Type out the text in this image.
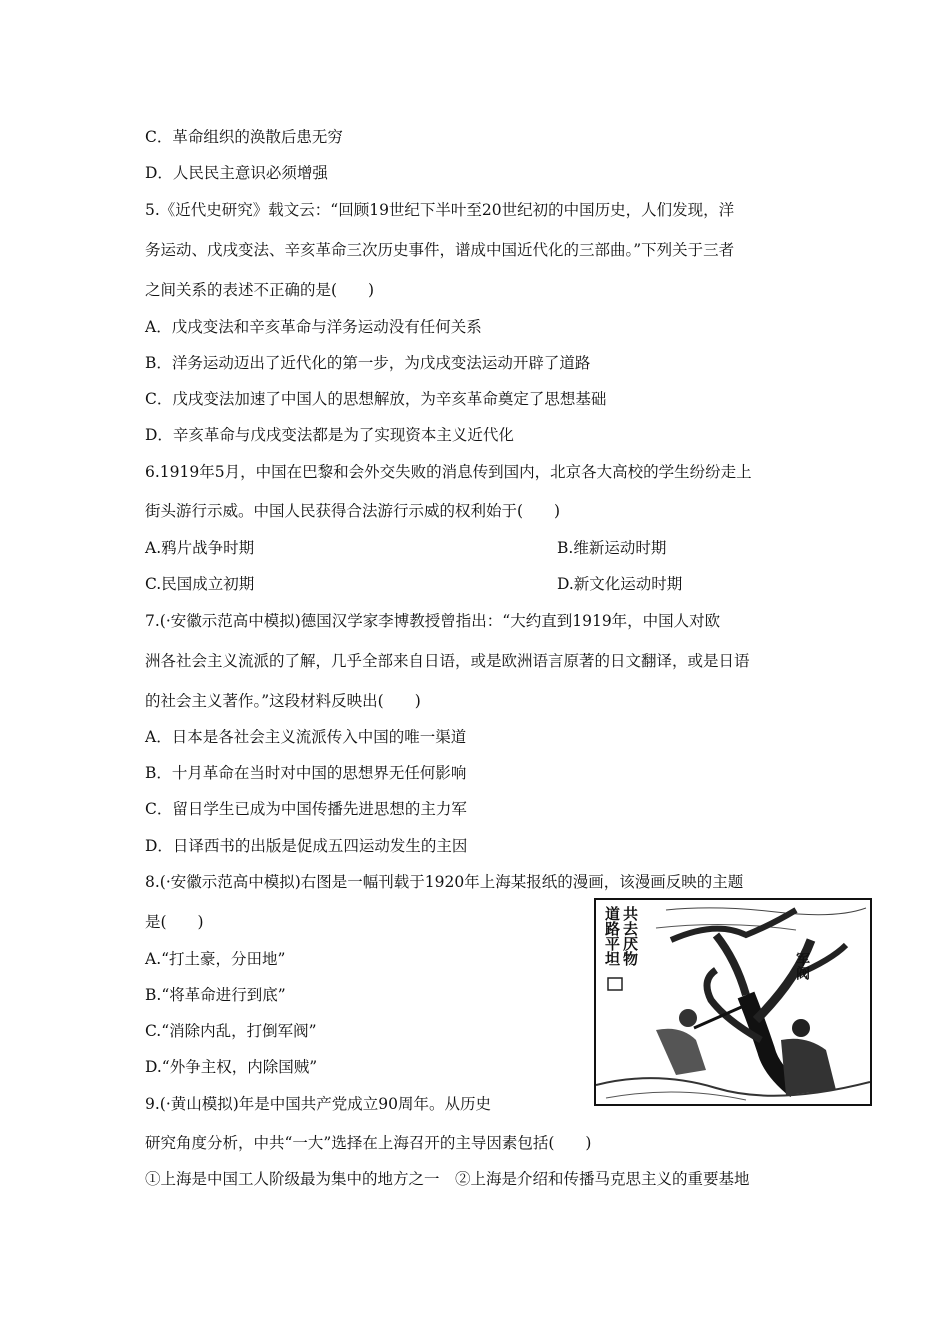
C．革命组织的涣散后患无穷
D．人民民主意识必须增强
5.《近代史研究》载文云：“回顾19世纪下半叶至20世纪初的中国历史，人们发现，洋
务运动、戊戌变法、辛亥革命三次历史事件，谱成中国近代化的三部曲。”下列关于三者
之间关系的表述不正确的是(　　)
A．戊戌变法和辛亥革命与洋务运动没有任何关系
B．洋务运动迈出了近代化的第一步，为戊戌变法运动开辟了道路
C．戊戌变法加速了中国人的思想解放，为辛亥革命奠定了思想基础
D．辛亥革命与戊戌变法都是为了实现资本主义近代化
6.1919年5月，中国在巴黎和会外交失败的消息传到国内，北京各大高校的学生纷纷走上
街头游行示威。中国人民获得合法游行示威的权利始于(　　)
7.(·安徽示范高中模拟)德国汉学家李博教授曾指出：“大约直到1919年，中国人对欧
洲各社会主义流派的了解，几乎全部来自日语，或是欧洲语言原著的日文翻译，或是日语
的社会主义著作。”这段材料反映出(　　)
A．日本是各社会主义流派传入中国的唯一渠道
B．十月革命在当时对中国的思想界无任何影响
C．留日学生已成为中国传播先进思想的主力军
D．日译西书的出版是促成五四运动发生的主因
8.(·安徽示范高中模拟)右图是一幅刊载于1920年上海某报纸的漫画，该漫画反映的主题
是(　　)
A.“打土豪，分田地”
B.“将革命进行到底”
C.“消除内乱，打倒军阀”
D.“外争主权，内除国贼”
9.(·黄山模拟)年是中国共产党成立90周年。从历史
研究角度分析，中共“一大”选择在上海召开的主导因素包括(　　)
①上海是中国工人阶级最为集中的地方之一　②上海是介绍和传播马克思主义的重要基地
A.鸦片战争时期	B.维新运动时期
C.民国成立初期	D.新文化运动时期
共去厌物
道路平坦	军阀
